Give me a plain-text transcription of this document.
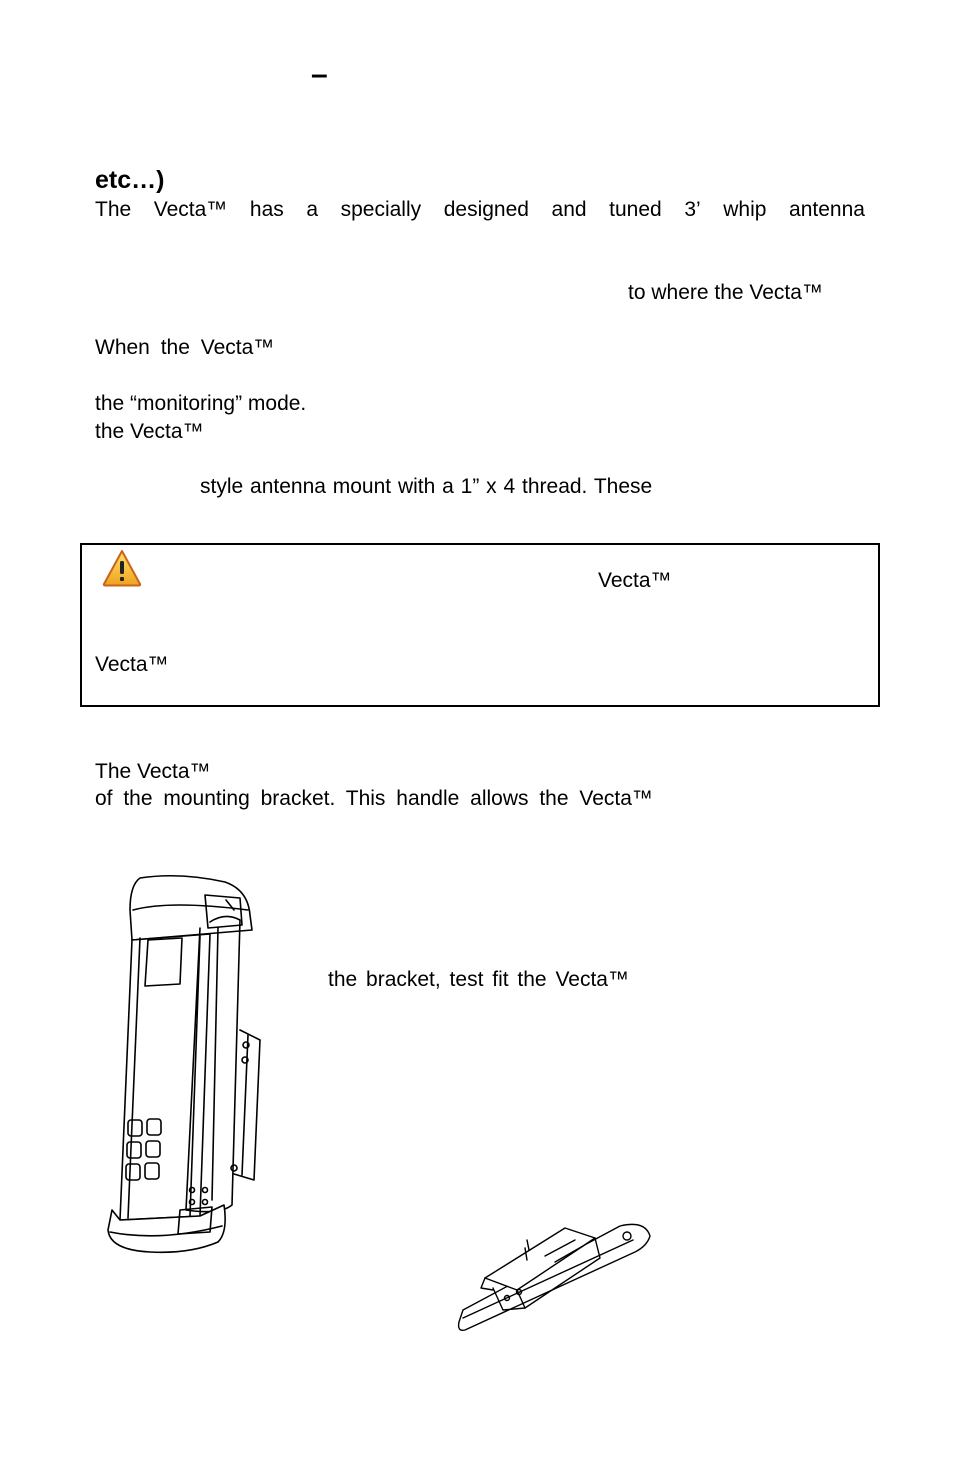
–
etc…)
The Vecta™ has a specially designed and tuned 3’ whip antenna

to where the Vecta™

When the Vecta™

the “monitoring” mode.

the Vecta™

style antenna mount with a 1” x 4 thread. These

Vecta™

Vecta™

The Vecta™

of the mounting bracket. This handle allows the Vecta™

the bracket, test fit the Vecta™
